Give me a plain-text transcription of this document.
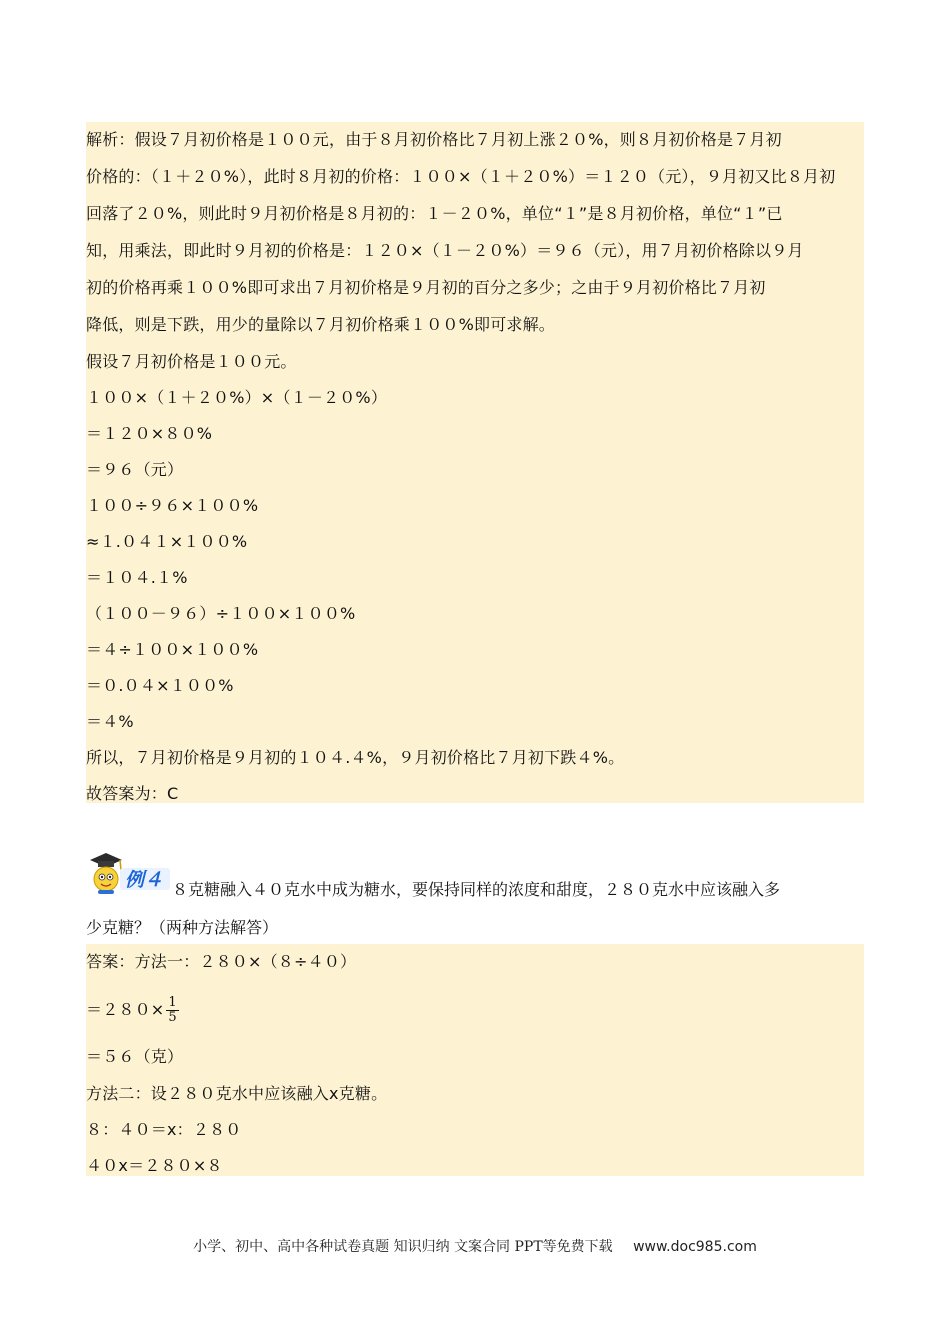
解析：假设７月初价格是１００元，由于８月初价格比７月初上涨２０%，则８月初价格是７月初
价格的：（１＋２０%），此时８月初的价格：１００×（１＋２０%）＝１２０（元），９月初又比８月初
回落了２０%，则此时９月初价格是８月初的：１－２０%，单位“１”是８月初价格，单位“１”已
知，用乘法，即此时９月初的价格是：１２０×（１－２０%）＝９６（元），用７月初价格除以９月
初的价格再乘１００%即可求出７月初价格是９月初的百分之多少；之由于９月初价格比７月初
降低，则是下跌，用少的量除以７月初价格乘１００%即可求解。
假设７月初价格是１００元。
１００×（１＋２０%）×（１－２０%）
＝１２０×８０%
＝９６（元）
１００÷９６×１００%
≈１.０４１×１００%
＝１０４.１%
（１００－９６）÷１００×１００%
＝４÷１００×１００%
＝０.０４×１００%
＝４%
所以，７月初价格是９月初的１０４.４%，９月初价格比７月初下跌４%。
故答案为：C
例４ ８克糖融入４０克水中成为糖水，要保持同样的浓度和甜度，２８０克水中应该融入多
少克糖？（两种方法解答）
答案：方法一：２８０×（８÷４０）
$=280\times \frac{1}{5}$
＝５６（克）
方法二：设２８０克水中应该融入x克糖。
８：４０＝x：２８０
４０x＝２８０×８
小学、初中、高中各种试卷真题 知识归纳 文案合同 PPT等免费下载 www.doc985.com
